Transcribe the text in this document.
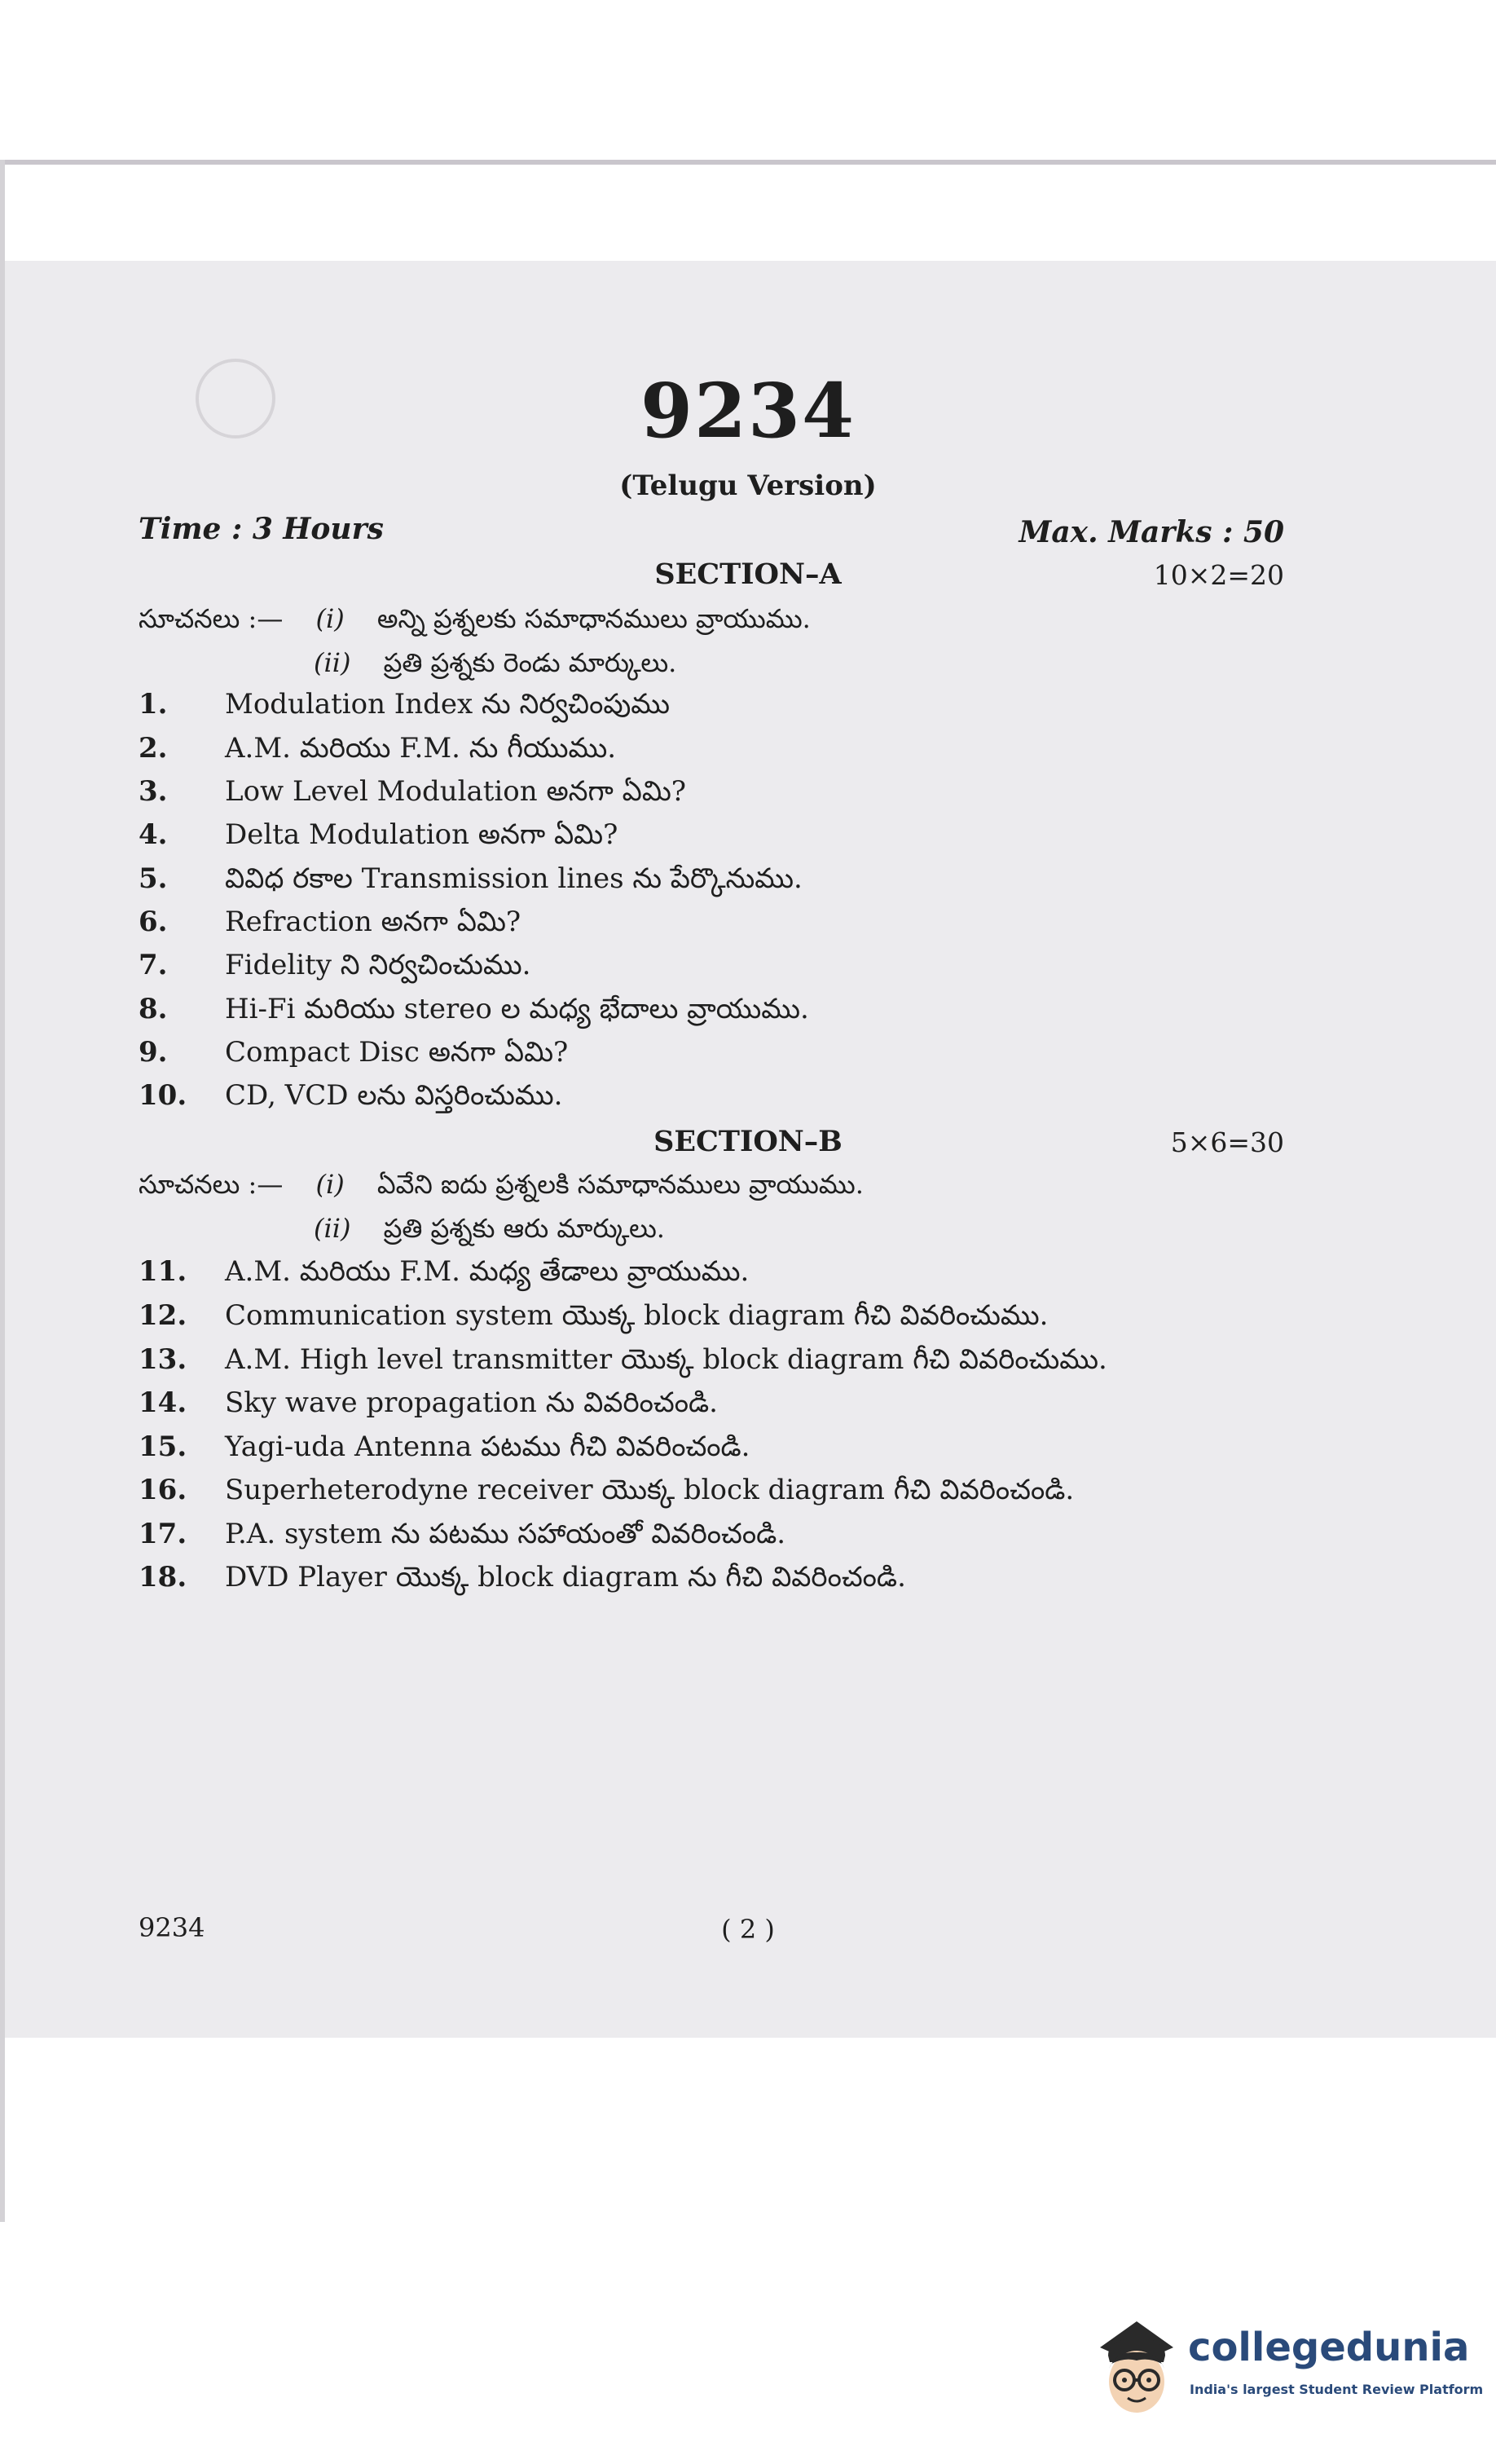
9234
(Telugu Version)
Time : 3 Hours	Max. Marks : 50
SECTION–A	10×2=20
సూచనలు :— (i) అన్ని ప్రశ్నలకు సమాధానములు వ్రాయుము.
(ii) ప్రతి ప్రశ్నకు రెండు మార్కులు.
1. Modulation Index ను నిర్వచింపుము
2. A.M. మరియు F.M. ను గీయుము.
3. Low Level Modulation అనగా ఏమి?
4. Delta Modulation అనగా ఏమి?
5. వివిధ రకాల Transmission lines ను పేర్కొనుము.
6. Refraction అనగా ఏమి?
7. Fidelity ని నిర్వచించుము.
8. Hi-Fi మరియు stereo ల మధ్య భేదాలు వ్రాయుము.
9. Compact Disc అనగా ఏమి?
10. CD, VCD లను విస్తరించుము.
SECTION–B	5×6=30
సూచనలు :— (i) ఏవేని ఐదు ప్రశ్నలకి సమాధానములు వ్రాయుము.
(ii) ప్రతి ప్రశ్నకు ఆరు మార్కులు.
11. A.M. మరియు F.M. మధ్య తేడాలు వ్రాయుము.
12. Communication system యొక్క block diagram గీచి వివరించుము.
13. A.M. High level transmitter యొక్క block diagram గీచి వివరించుము.
14. Sky wave propagation ను వివరించండి.
15. Yagi-uda Antenna పటము గీచి వివరించండి.
16. Superheterodyne receiver యొక్క block diagram గీచి వివరించండి.
17. P.A. system ను పటము సహాయంతో వివరించండి.
18. DVD Player యొక్క block diagram ను గీచి వివరించండి.
9234	( 2 )
collegedunia
India's largest Student Review Platform
